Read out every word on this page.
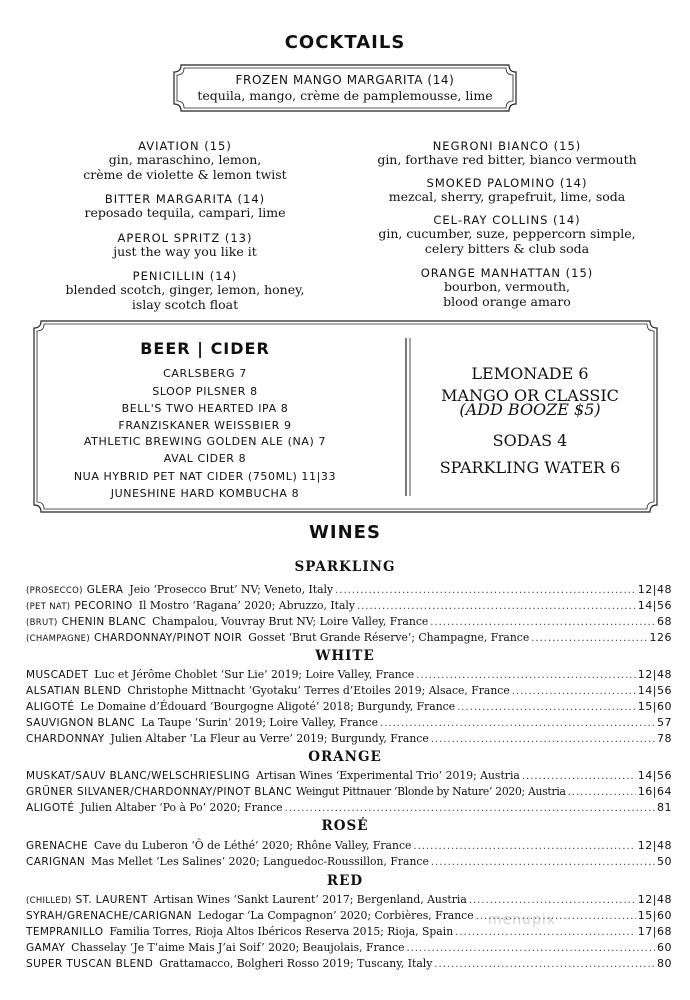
COCKTAILS
FROZEN MANGO MARGARITA (14)
tequila, mango, crème de pamplemousse, lime
AVIATION (15)
gin, maraschino, lemon,
crème de violette & lemon twist
BITTER MARGARITA (14)
reposado tequila, campari, lime
APEROL SPRITZ (13)
just the way you like it
PENICILLIN (14)
blended scotch, ginger, lemon, honey,
islay scotch float
NEGRONI BIANCO (15)
gin, forthave red bitter, bianco vermouth
SMOKED PALOMINO (14)
mezcal, sherry, grapefruit, lime, soda
CEL-RAY COLLINS (14)
gin, cucumber, suze, peppercorn simple,
celery bitters & club soda
ORANGE MANHATTAN (15)
bourbon, vermouth,
blood orange amaro
BEER | CIDER
CARLSBERG 7
SLOOP PILSNER 8
BELL'S TWO HEARTED IPA 8
FRANZISKANER WEISSBIER 9
ATHLETIC BREWING GOLDEN ALE (NA) 7
AVAL CIDER 8
NUA HYBRID PET NAT CIDER (750ML) 11|33
JUNESHINE HARD KOMBUCHA 8
LEMONADE 6
MANGO OR CLASSIC
(ADD BOOZE $5)
SODAS 4
SPARKLING WATER 6
WINES
SPARKLING
(PROSECCO) GLERA Jeio ‘Prosecco Brut’ NV; Veneto, Italy .....	12|48
(PET NAT) PECORINO Il Mostro ‘Ragana’ 2020; Abruzzo, Italy .....	14|56
(BRUT) CHENIN BLANC Champalou, Vouvray Brut NV; Loire Valley, France .....	68
(CHAMPAGNE) CHARDONNAY/PINOT NOIR Gosset ‘Brut Grande Réserve’; Champagne, France .....	126
WHITE
MUSCADET Luc et Jérôme Choblet ‘Sur Lie’ 2019; Loire Valley, France .....	12|48
ALSATIAN BLEND Christophe Mittnacht ‘Gyotaku’ Terres d’Etoiles 2019; Alsace, France .....	14|56
ALIGOTÉ Le Domaine d’Édouard ‘Bourgogne Aligoté’ 2018; Burgundy, France .....	15|60
SAUVIGNON BLANC La Taupe ‘Surin’ 2019; Loire Valley, France .....	57
CHARDONNAY Julien Altaber ‘La Fleur au Verre’ 2019; Burgundy, France .....	78
ORANGE
MUSKAT/SAUV BLANC/WELSCHRIESLING Artisan Wines ‘Experimental Trio’ 2019; Austria .....	14|56
GRÜNER SILVANER/CHARDONNAY/PINOT BLANC Weingut Pittnauer ‘Blonde by Nature’ 2020; Austria .....	16|64
ALIGOTÉ Julien Altaber ‘Po à Po’ 2020; France .....	81
ROSÉ
GRENACHE Cave du Luberon ‘Ô de Léthé’ 2020; Rhône Valley, France .....	12|48
CARIGNAN Mas Mellet ‘Les Salines’ 2020; Languedoc-Roussillon, France .....	50
RED
(CHILLED) ST. LAURENT Artisan Wines ‘Sankt Laurent’ 2017; Bergenland, Austria .....	12|48
SYRAH/GRENACHE/CARIGNAN Ledogar ‘La Compagnon’ 2020; Corbières, France .....	15|60
TEMPRANILLO Familia Torres, Rioja Altos Ibéricos Reserva 2015; Rioja, Spain .....	17|68
GAMAY Chasselay ‘Je T’aime Mais J’ai Soif’ 2020; Beaujolais, France .....	60
SUPER TUSCAN BLEND Grattamacco, Bolgheri Rosso 2019; Tuscany, Italy .....	80
menupix
